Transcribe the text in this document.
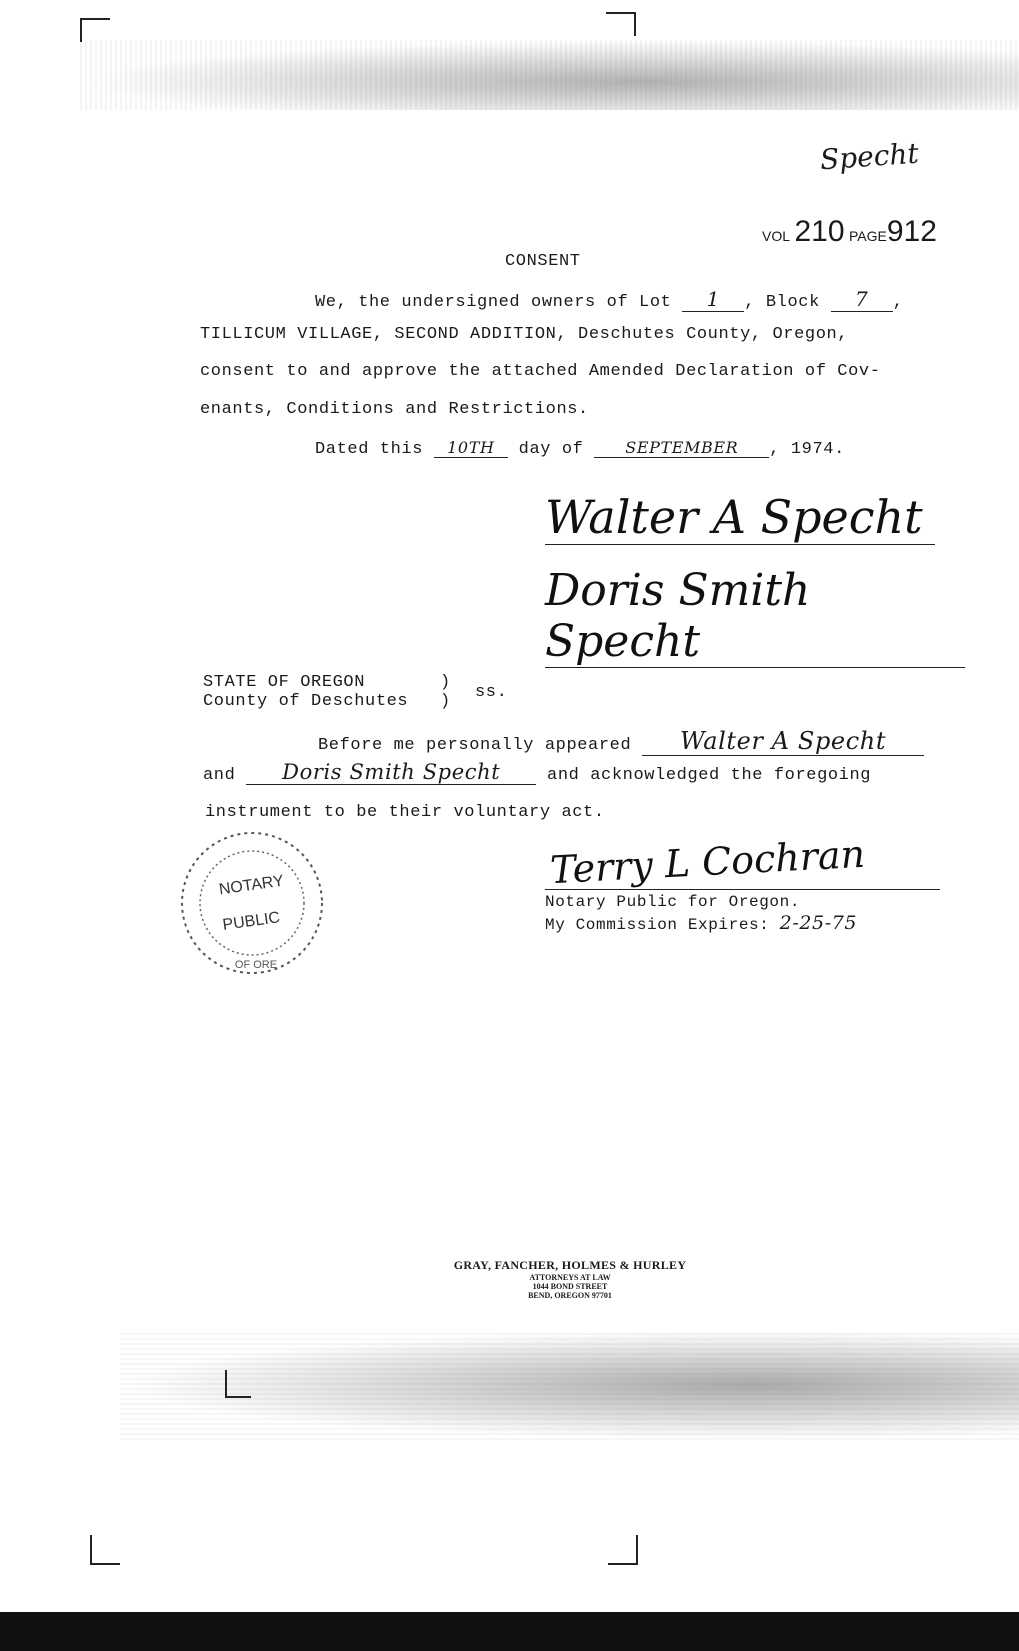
Specht
VOL 210 PAGE912
CONSENT
We, the undersigned owners of Lot 1 , Block 7 ,
TILLICUM VILLAGE, SECOND ADDITION, Deschutes County, Oregon,
consent to and approve the attached Amended Declaration of Cov-
enants, Conditions and Restrictions.
Dated this 10TH day of	SEPTEMBER , 1974.
Walter A Specht
Doris Smith Specht
STATE OF OREGON
County of Deschutes
)
) ss.
Before me personally appeared Walter A Specht
and Doris Smith Specht	and acknowledged the foregoing
instrument to be their voluntary act.
NOTARY
PUBLIC
OF ORE
Terry L Cochran
Notary Public for Oregon.
My Commission Expires: 2-25-75
GRAY, FANCHER, HOLMES & HURLEY
ATTORNEYS AT LAW
1044 BOND STREET
BEND, OREGON 97701
